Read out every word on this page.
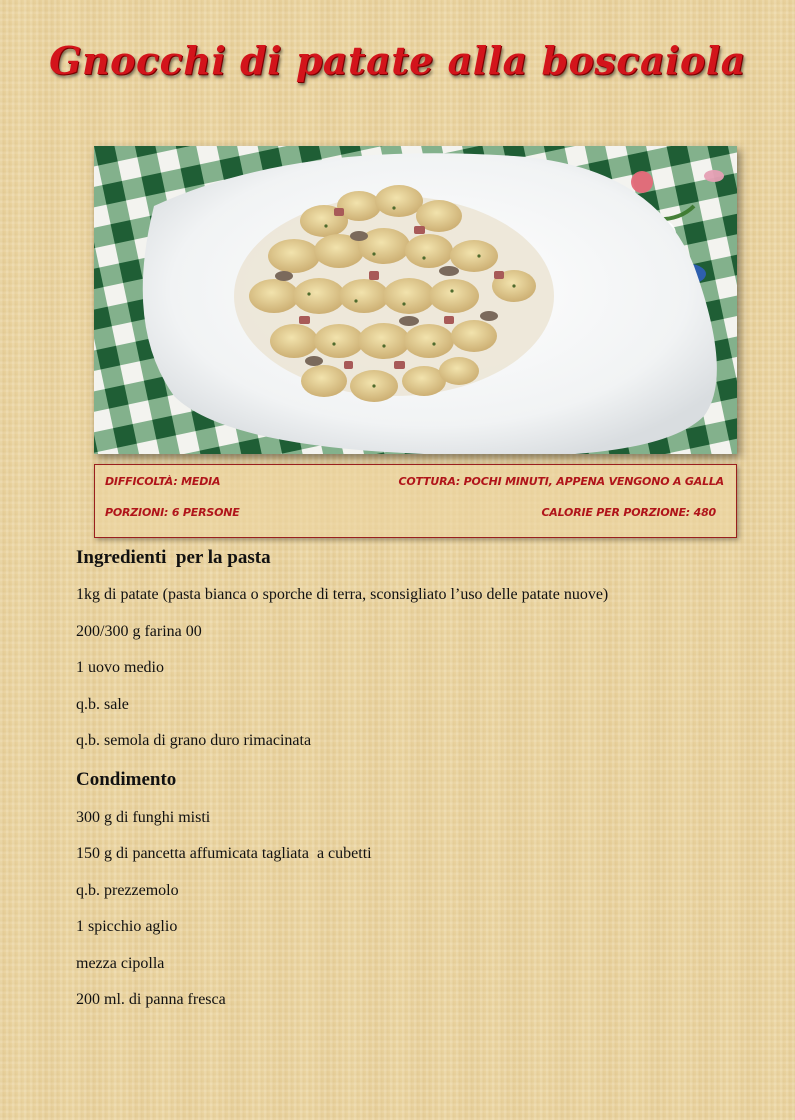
Gnocchi di patate alla boscaiola
DIFFICOLTÀ: MEDIA	COTTURA: POCHI MINUTI, APPENA VENGONO A GALLA
PORZIONI: 6 PERSONE	CALORIE PER PORZIONE: 480
Ingredienti  per la pasta
1kg di patate (pasta bianca o sporche di terra, sconsigliato l’uso delle patate nuove)
200/300 g farina 00
1 uovo medio
q.b. sale
q.b. semola di grano duro rimacinata
Condimento
300 g di funghi misti
150 g di pancetta affumicata tagliata  a cubetti
q.b. prezzemolo
1 spicchio aglio
mezza cipolla
200 ml. di panna fresca
